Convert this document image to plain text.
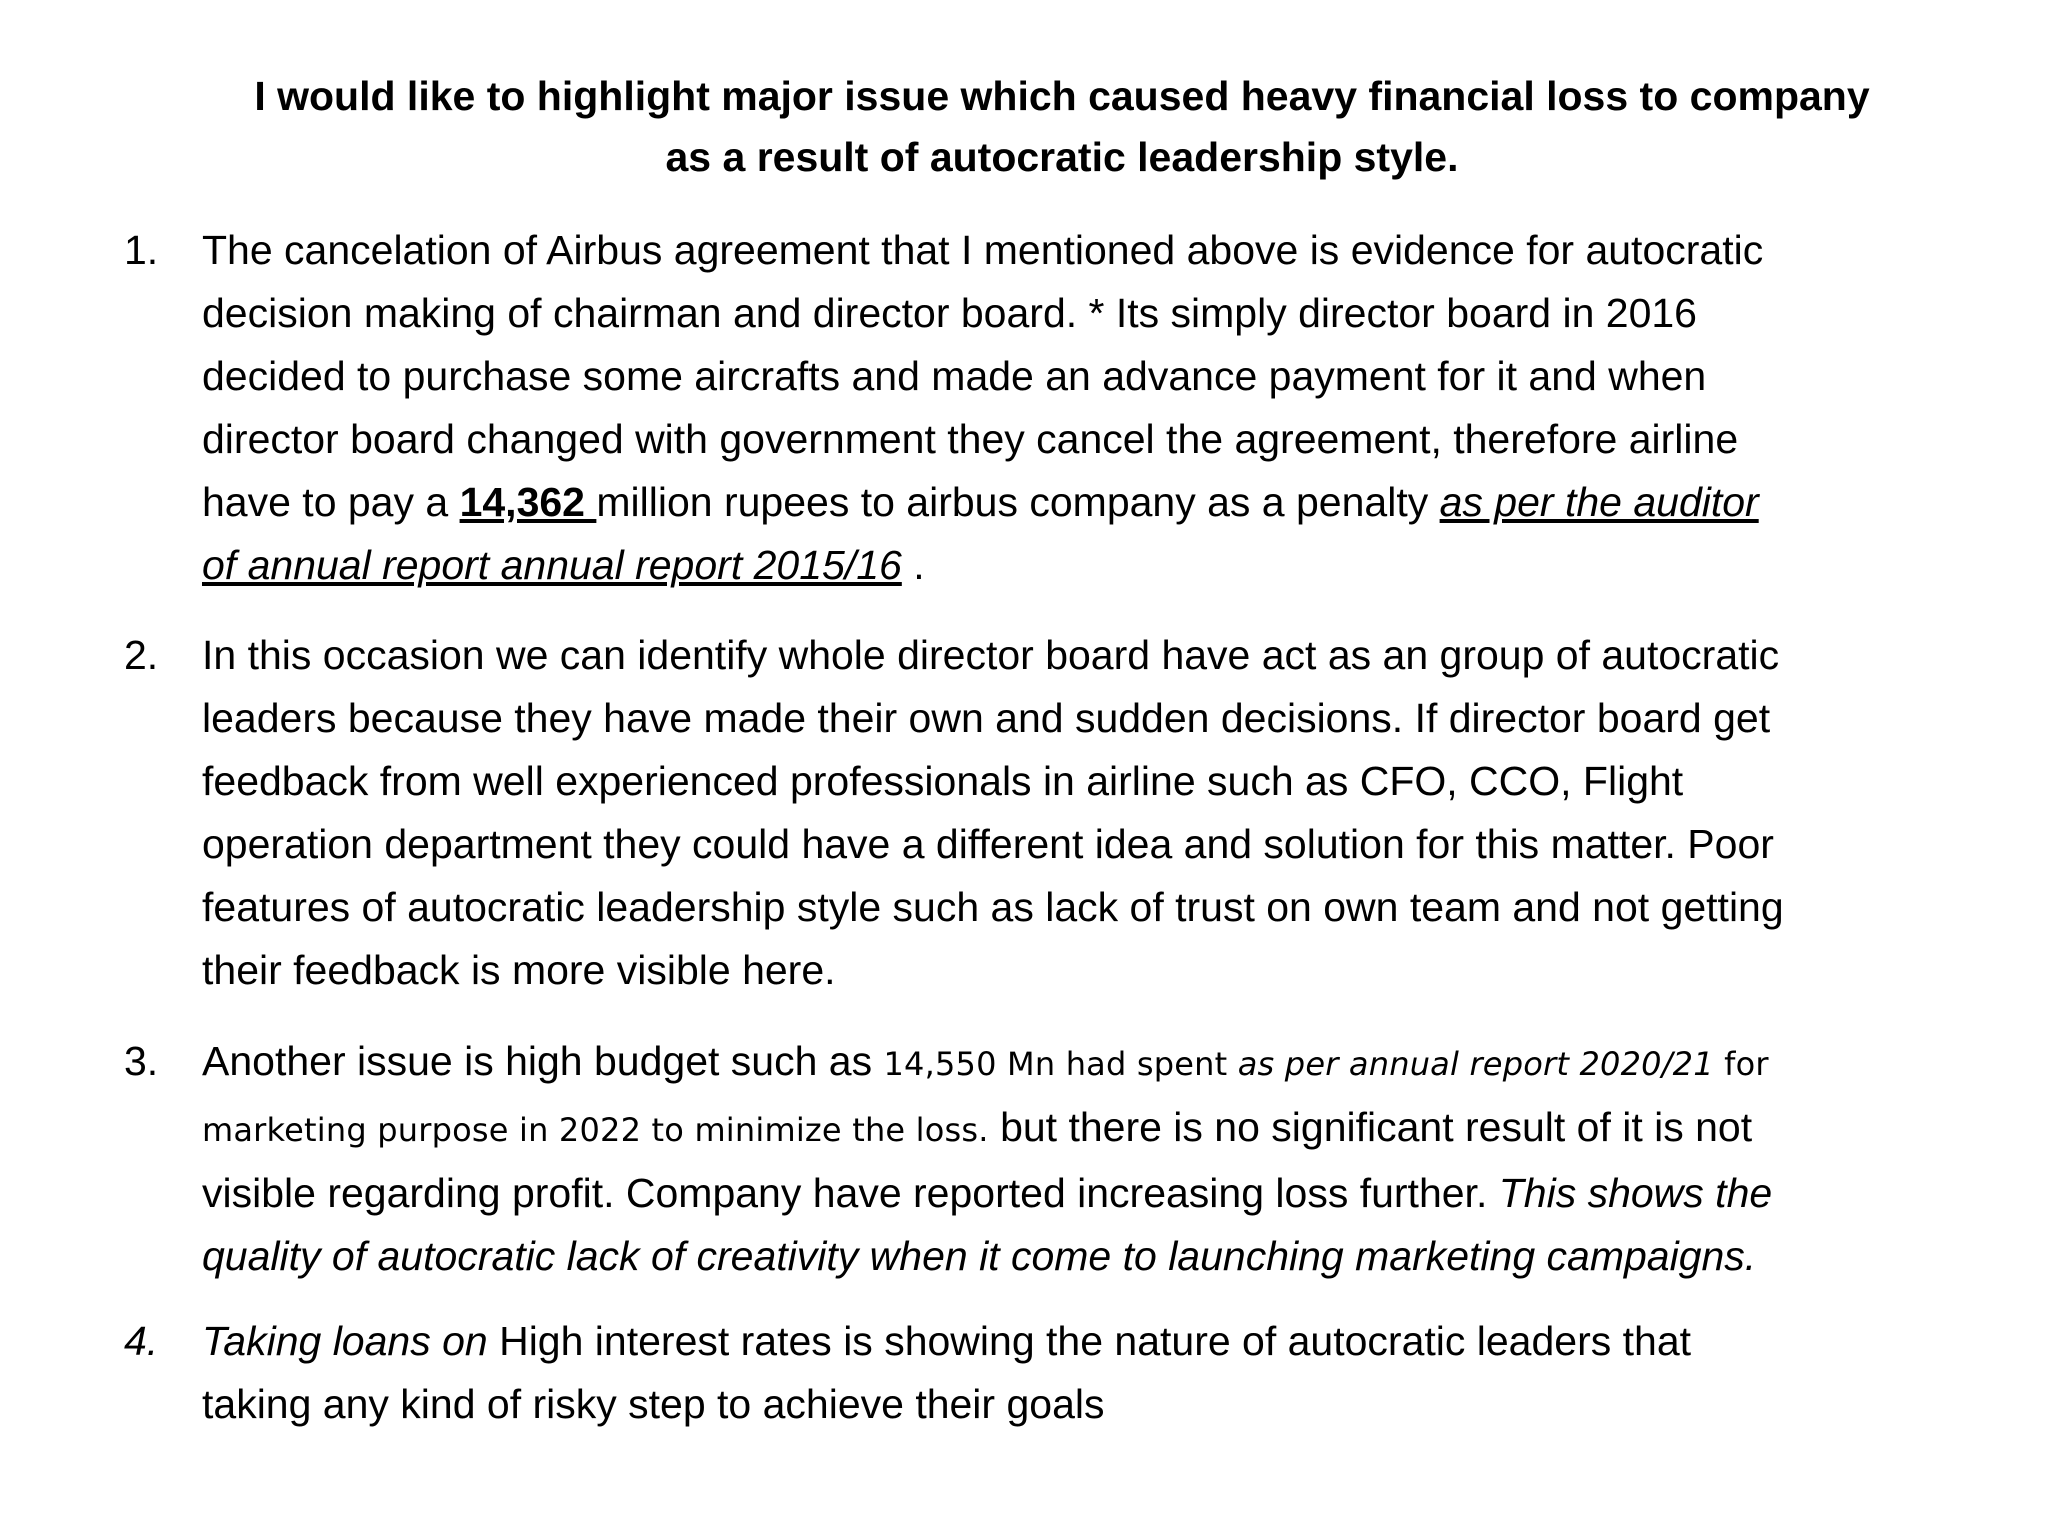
I would like to highlight major issue which caused heavy financial loss to company
as a result of autocratic leadership style.
1. The cancelation of Airbus agreement that I mentioned above is evidence for autocratic
decision making of chairman and director board. * Its simply director board in 2016
decided to purchase some aircrafts and made an advance payment for it and when
director board changed with government they cancel the agreement, therefore airline
have to pay a 14,362 million rupees to airbus company as a penalty as per the auditor
of annual report annual report 2015/16 .

2. In this occasion we can identify whole director board have act as an group of autocratic
leaders because they have made their own and sudden decisions. If director board get
feedback from well experienced professionals in airline such as CFO, CCO, Flight
operation department they could have a different idea and solution for this matter. Poor
features of autocratic leadership style such as lack of trust on own team and not getting
their feedback is more visible here.

3. Another issue is high budget such as 14,550 Mn had spent as per annual report 2020/21 for
marketing purpose in 2022 to minimize the loss. but there is no significant result of it is not
visible regarding profit. Company have reported increasing loss further. This shows the
quality of autocratic lack of creativity when it come to launching marketing campaigns.

4. Taking loans on High interest rates is showing the nature of autocratic leaders that
taking any kind of risky step to achieve their goals
